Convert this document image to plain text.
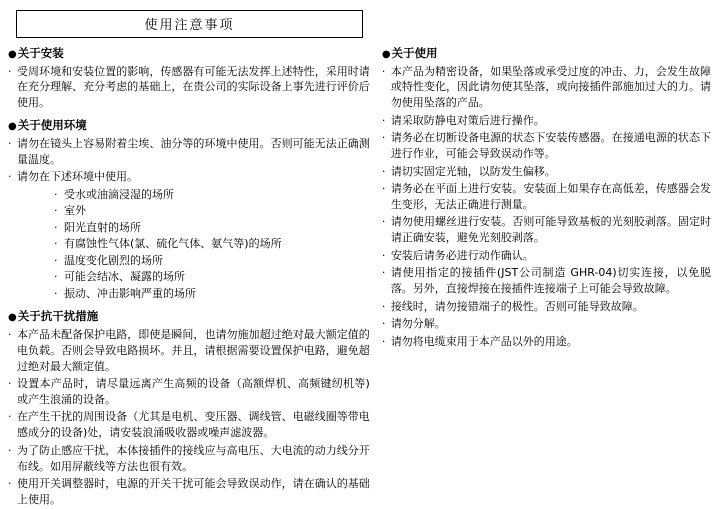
使用注意事项
●关于安装
· 受周环境和安装位置的影响，传感器有可能无法发挥上述特性，采用时请在充分理解、充分考虑的基础上，在贵公司的实际设备上事先进行评价后使用。
●关于使用环境
· 请勿在镜头上容易附着尘埃、油分等的环境中使用。否则可能无法正确测量温度。
· 请勿在下述环境中使用。
· 受水或油滴浸湿的场所
· 室外
· 阳光直射的场所
· 有腐蚀性气体(氯、硫化气体、氨气等)的场所
· 温度变化剧烈的场所
· 可能会结冰、凝露的场所
· 振动、冲击影响严重的场所
●关于抗干扰措施
· 本产品未配备保护电路，即使是瞬间，也请勿施加超过绝对最大额定值的电负载。否则会导致电路损坏。并且，请根据需要设置保护电路，避免超过绝对最大额定值。
· 设置本产品时，请尽量远离产生高频的设备（高额焊机、高频键纫机等)或产生浪涌的设备。
· 在产生干扰的周围设备（尤其是电机、变压器、调线管、电磁线圈等带电感成分的设备)处，请安装浪涌吸收器或噪声滤波器。
· 为了防止感应干扰，本体接插件的接线应与高电压、大电流的动力线分开布线。如用屏蔽线等方法也很有效。
· 使用开关调整器时，电源的开关干扰可能会导致误动作，请在确认的基础上使用。
●关于使用
· 本产品为精密设备，如果坠落或承受过度的冲击、力，会发生故障或特性变化，因此请勿使其坠落，或向接插件部施加过大的力。请勿使用坠落的产品。
· 请采取防静电对策后进行操作。
· 请务必在切断设备电源的状态下安装传感器。在接通电源的状态下进行作业，可能会导致误动作等。
· 请切实固定光轴，以防发生偏移。
· 请务必在平面上进行安装。安装面上如果存在高低差，传感器会发生变形，无法正确进行测量。
· 请勿使用螺丝进行安装。否则可能导致基板的光刻胶剥落。固定时请正确安装，避免光刻胶剥落。
· 安装后请务必进行动作确认。
· 请使用指定的接插件(JST公司制造 GHR-04)切实连接，以免脱落。另外，直接焊接在接插件连接端子上可能会导致故障。
· 接线时，请勿接错端子的极性。否则可能导致故障。
· 请勿分解。
· 请勿将电缆束用于本产品以外的用途。
